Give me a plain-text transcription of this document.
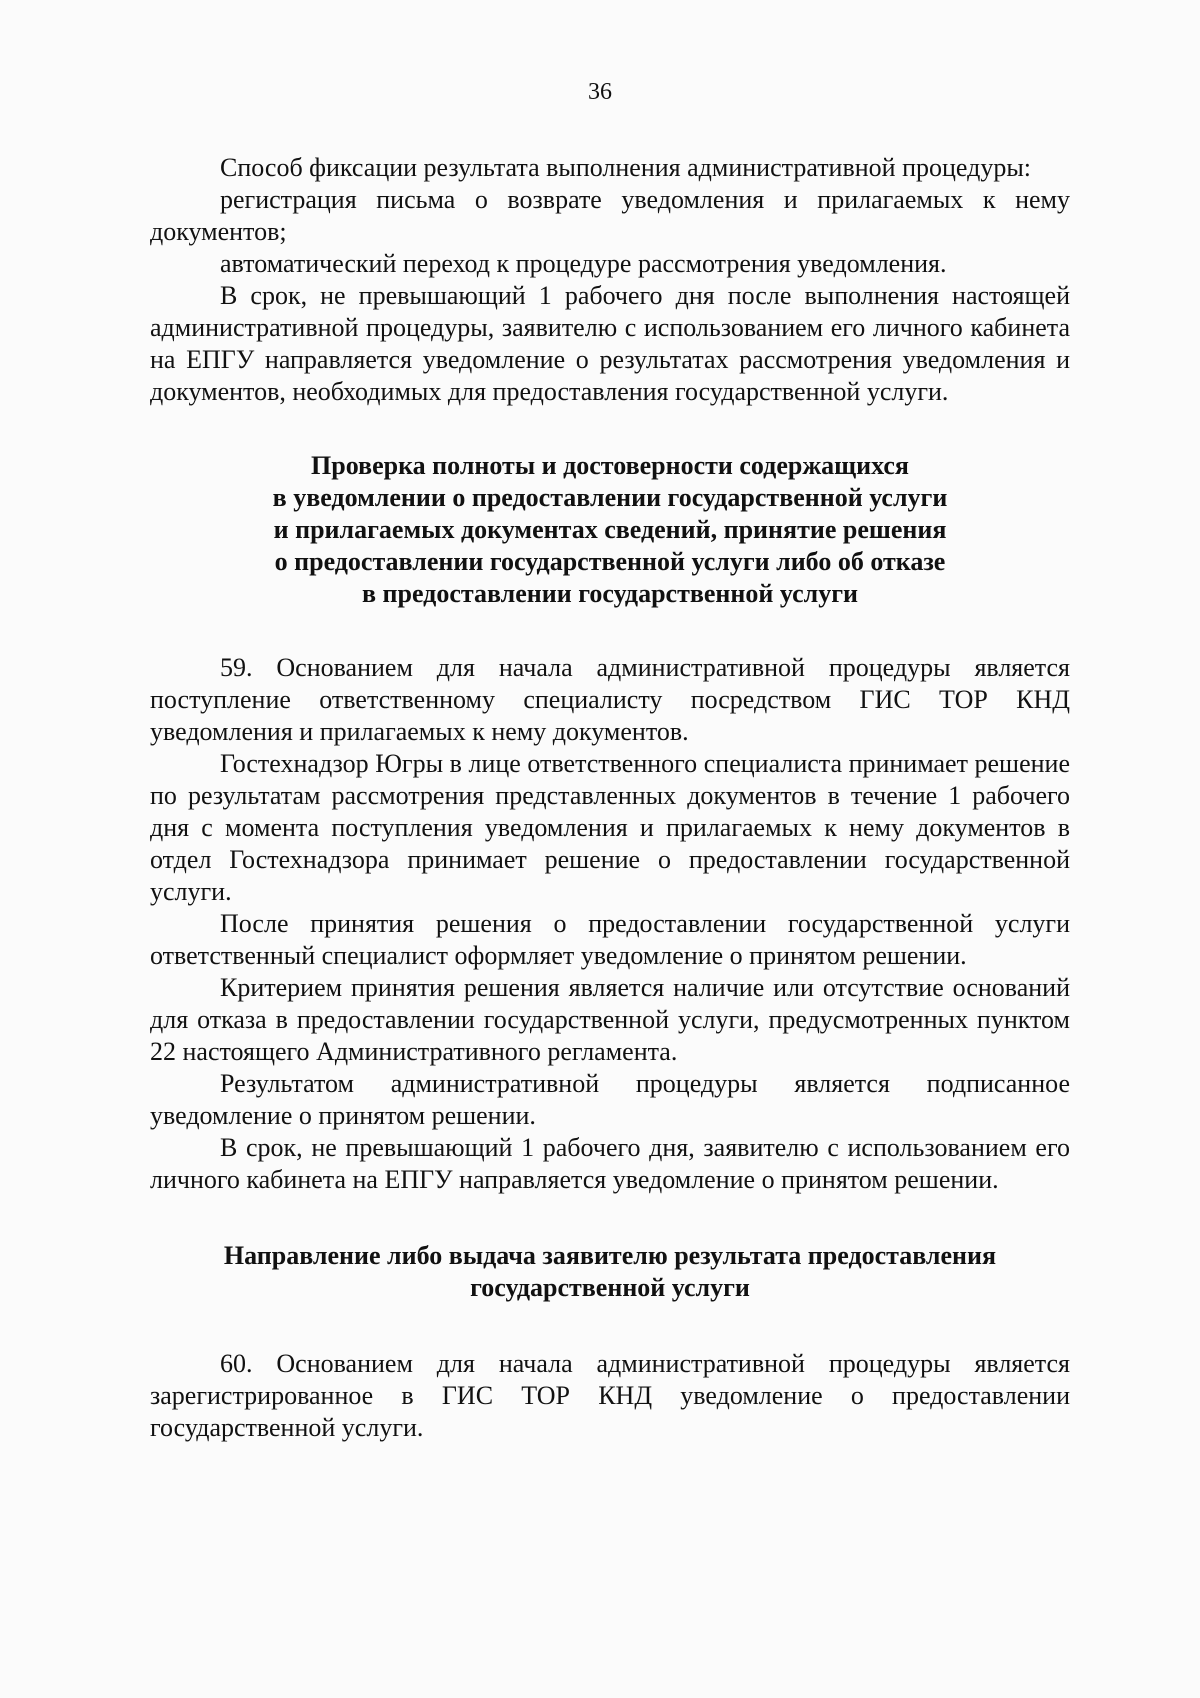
36

Способ фиксации результата выполнения административной процедуры:

регистрация письма о возврате уведомления и прилагаемых к нему документов;

автоматический переход к процедуре рассмотрения уведомления.

В срок, не превышающий 1 рабочего дня после выполнения настоящей административной процедуры, заявителю с использованием его личного кабинета на ЕПГУ направляется уведомление о результатах рассмотрения уведомления и документов, необходимых для предоставления государственной услуги.

Проверка полноты и достоверности содержащихся
в уведомлении о предоставлении государственной услуги
и прилагаемых документах сведений, принятие решения
о предоставлении государственной услуги либо об отказе
в предоставлении государственной услуги

59. Основанием для начала административной процедуры является поступление ответственному специалисту посредством ГИС ТОР КНД уведомления и прилагаемых к нему документов.

Гостехнадзор Югры в лице ответственного специалиста принимает решение по результатам рассмотрения представленных документов в течение 1 рабочего дня с момента поступления уведомления и прилагаемых к нему документов в отдел Гостехнадзора принимает решение о предоставлении государственной услуги.

После принятия решения о предоставлении государственной услуги ответственный специалист оформляет уведомление о принятом решении.

Критерием принятия решения является наличие или отсутствие оснований для отказа в предоставлении государственной услуги, предусмотренных пунктом 22 настоящего Административного регламента.

Результатом административной процедуры является подписанное уведомление о принятом решении.

В срок, не превышающий 1 рабочего дня, заявителю с использованием его личного кабинета на ЕПГУ направляется уведомление о принятом решении.

Направление либо выдача заявителю результата предоставления
государственной услуги

60. Основанием для начала административной процедуры является зарегистрированное в ГИС ТОР КНД уведомление о предоставлении государственной услуги.
